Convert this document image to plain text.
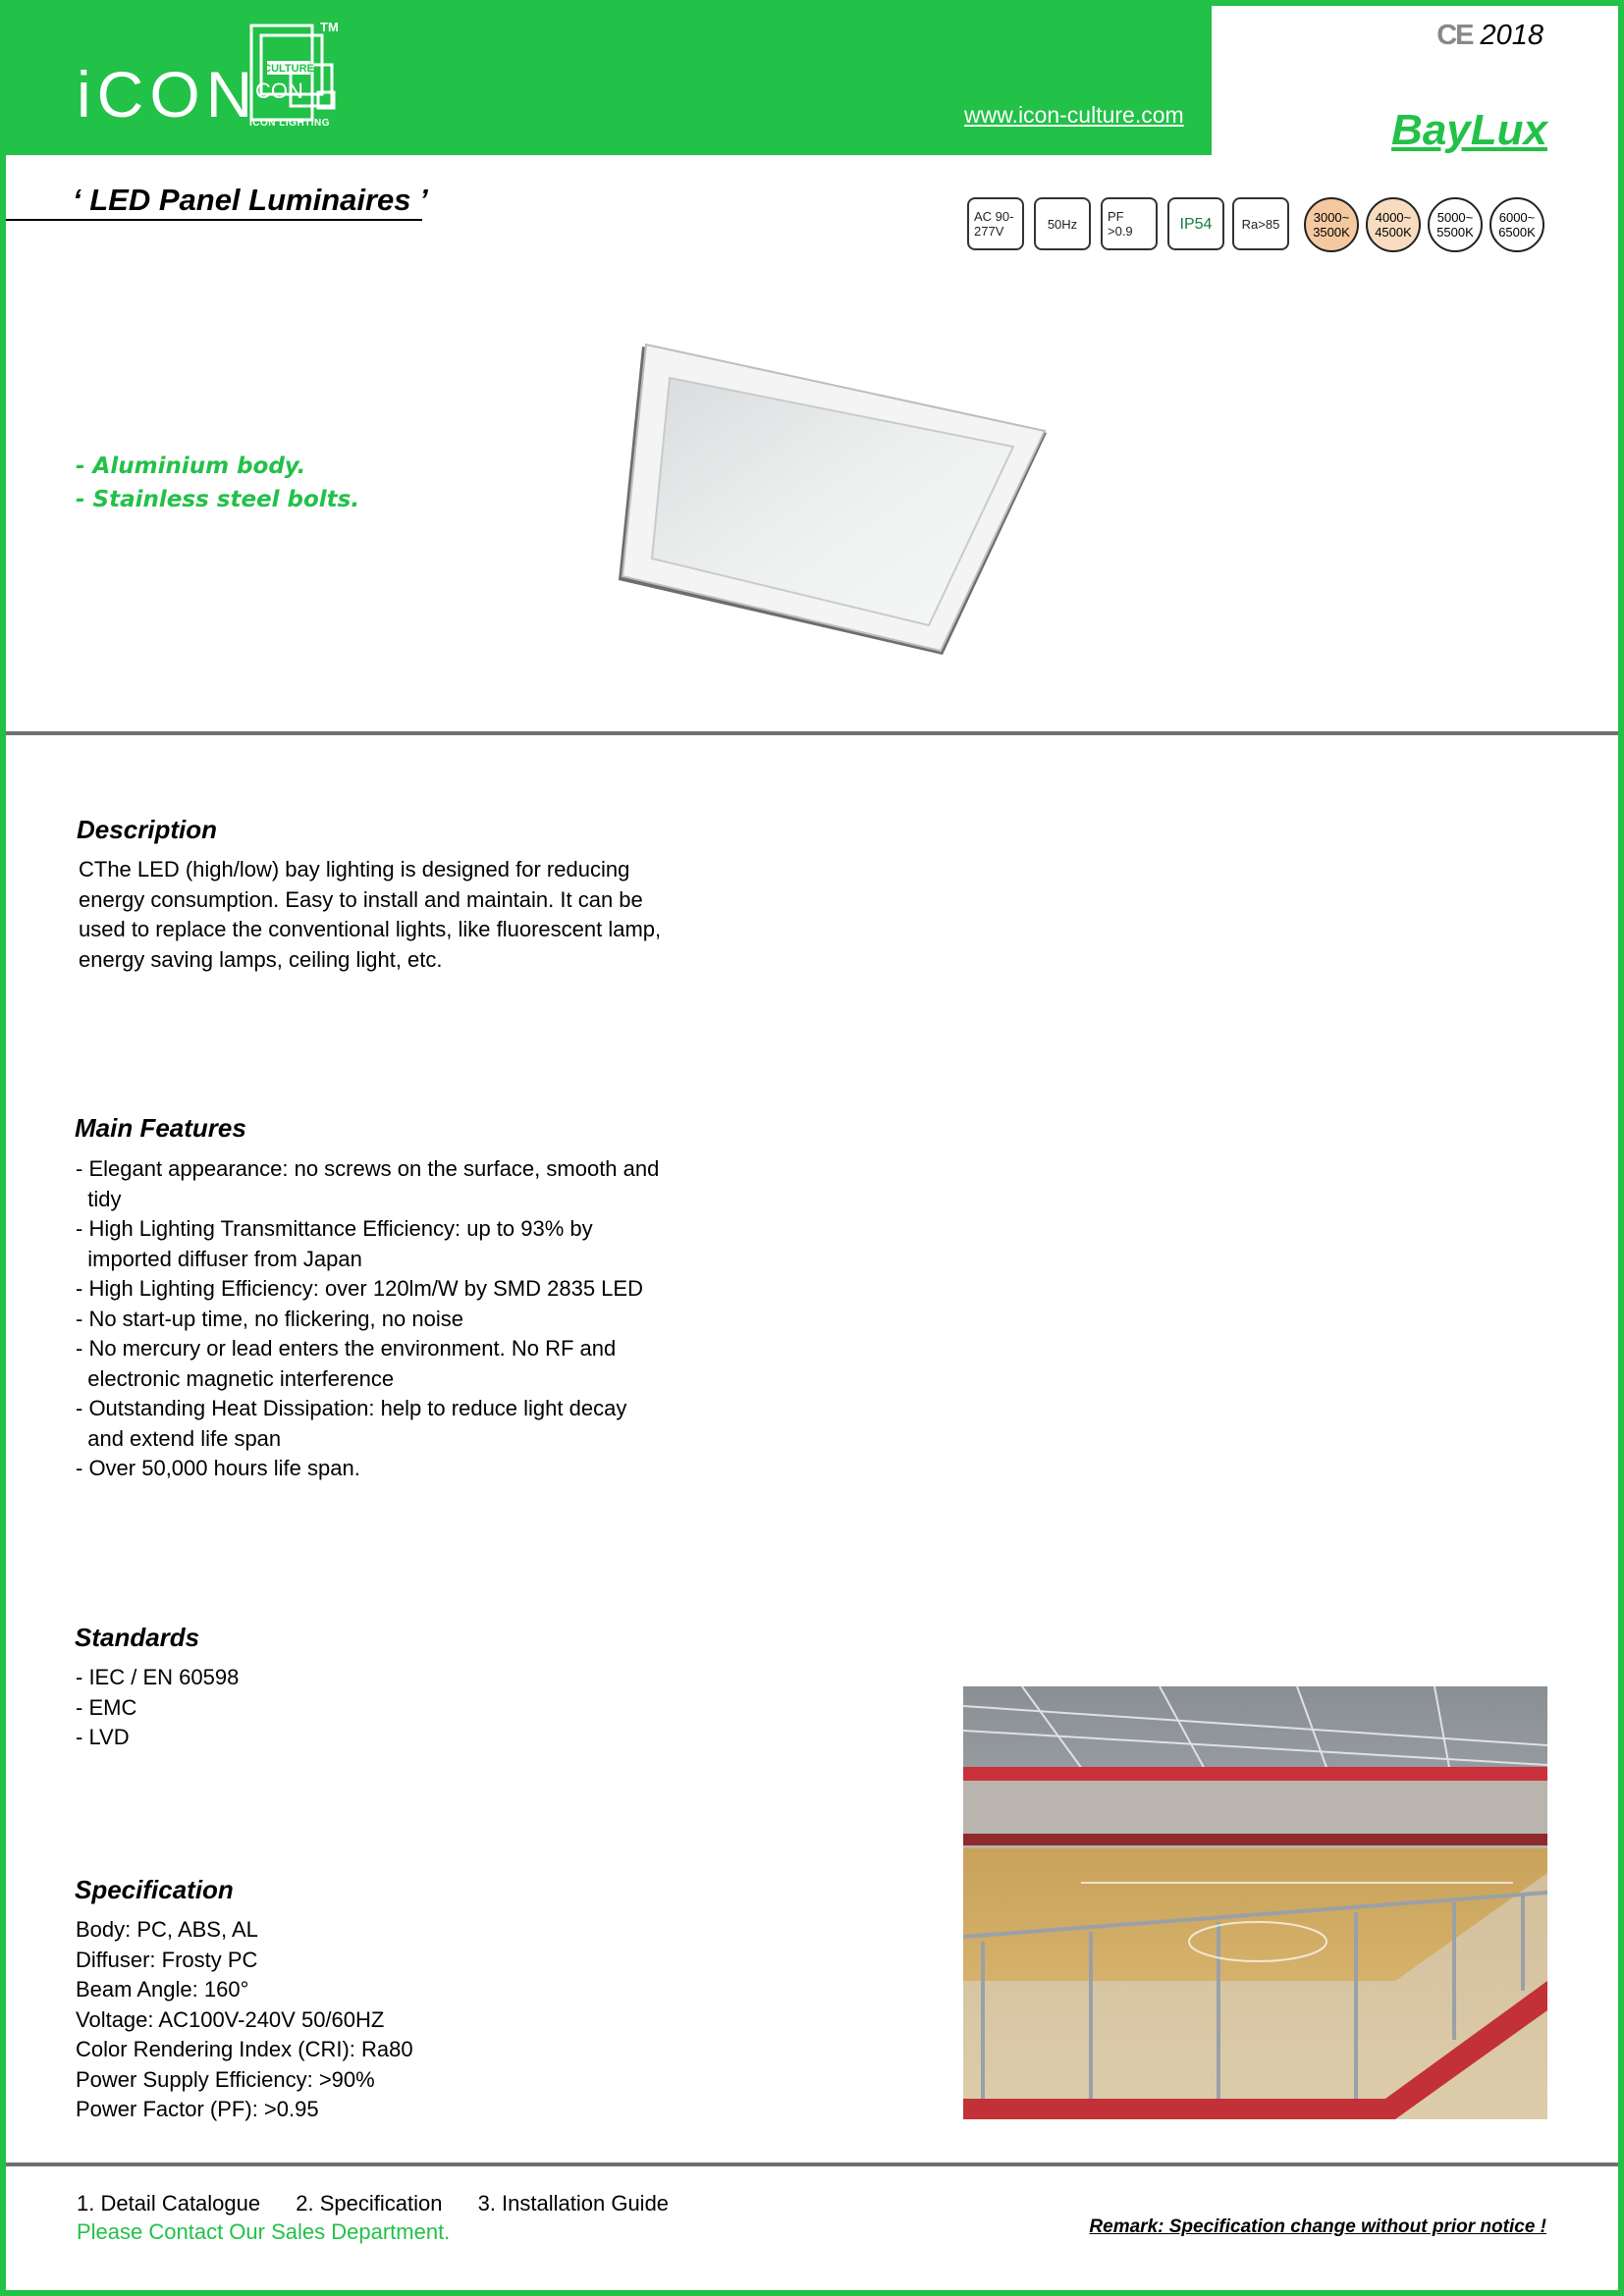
iCON CULTURE
CON
TM
ICON LIGHTING	www.icon-culture.com
CE 2018
BayLux
‘ LED Panel Luminaires ’	AC 90-
277V	50Hz PF
>0.9	IP54 Ra>85	3000~
3500K
4000~
4500K
5000~
5500K
6000~
6500K
- Aluminium body.
- Stainless steel bolts.
Description
CThe LED (high/low) bay lighting is designed for reducing
energy consumption. Easy to install and maintain. It can be
used to replace the conventional lights, like fluorescent lamp,
energy saving lamps, ceiling light, etc.
Main Features
- Elegant appearance: no screws on the surface, smooth and
tidy
- High Lighting Transmittance Efficiency: up to 93% by
imported diffuser from Japan
- High Lighting Efficiency: over 120lm/W by SMD 2835 LED
- No start-up time, no flickering, no noise
- No mercury or lead enters the environment. No RF and
electronic magnetic interference
- Outstanding Heat Dissipation: help to reduce light decay
and extend life span
- Over 50,000 hours life span.
Standards
- IEC / EN 60598
- EMC
- LVD
Specification
Body: PC, ABS, AL
Diffuser: Frosty PC
Beam Angle: 160°
Voltage: AC100V-240V 50/60HZ
Color Rendering Index (CRI): Ra80
Power Supply Efficiency: >90%
Power Factor (PF): >0.95
1. Detail Catalogue 2. Specification 3. Installation Guide
Please Contact Our Sales Department.	Remark: Specification change without prior notice !
